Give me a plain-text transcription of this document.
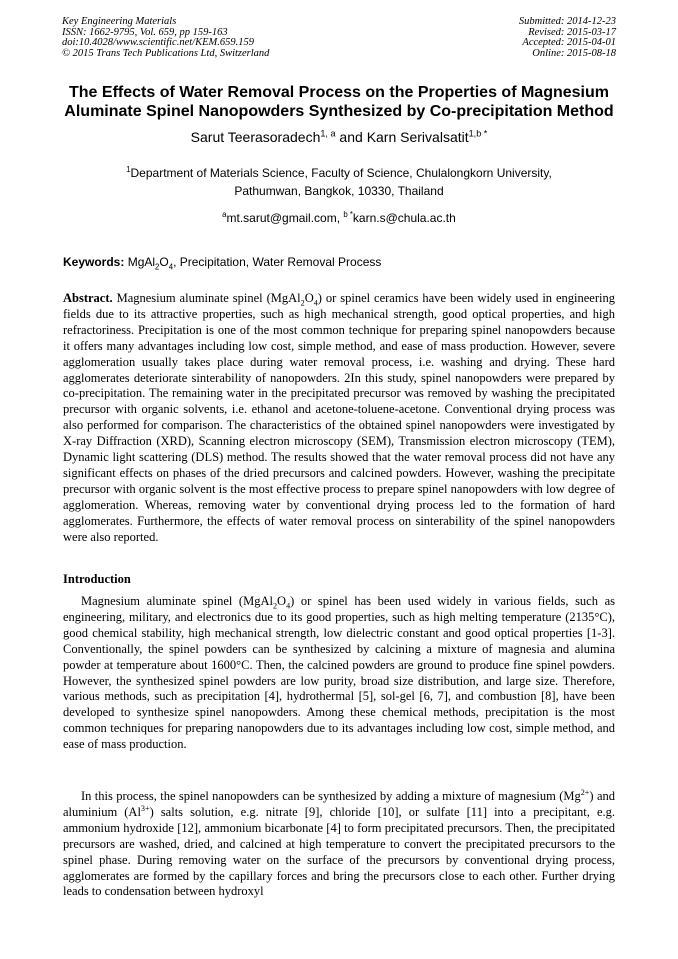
Key Engineering Materials
ISSN: 1662-9795, Vol. 659, pp 159-163
doi:10.4028/www.scientific.net/KEM.659.159
© 2015 Trans Tech Publications Ltd, Switzerland
Submitted: 2014-12-23
Revised: 2015-03-17
Accepted: 2015-04-01
Online: 2015-08-18
The Effects of Water Removal Process on the Properties of Magnesium Aluminate Spinel Nanopowders Synthesized by Co-precipitation Method
Sarut Teerasoradech$^{1, a}$ and Karn Serivalsatit$^{1,b *}$
$^1$Department of Materials Science, Faculty of Science, Chulalongkorn University,
Pathumwan, Bangkok, 10330, Thailand
$^a$mt.sarut@gmail.com, $^{b *}$karn.s@chula.ac.th
Keywords: $MgAl_2O_4$, Precipitation, Water Removal Process
Abstract. Magnesium aluminate spinel $(MgAl_2O_4)$ or spinel ceramics have been widely used in engineering fields due to its attractive properties, such as high mechanical strength, good optical properties, and high refractoriness. Precipitation is one of the most common technique for preparing spinel nanopowders because it offers many advantages including low cost, simple method, and ease of mass production. However, severe agglomeration usually takes place during water removal process, i.e. washing and drying. These hard agglomerates deteriorate sinterability of nanopowders. 2In this study, spinel nanopowders were prepared by co-precipitation. The remaining water in the precipitated precursor was removed by washing the precipitated precursor with organic solvents, i.e. ethanol and acetone-toluene-acetone. Conventional drying process was also performed for comparison. The characteristics of the obtained spinel nanopowders were investigated by X-ray Diffraction (XRD), Scanning electron microscopy (SEM), Transmission electron microscopy (TEM), Dynamic light scattering (DLS) method. The results showed that the water removal process did not have any significant effects on phases of the dried precursors and calcined powders. However, washing the precipitate precursor with organic solvent is the most effective process to prepare spinel nanopowders with low degree of agglomeration. Whereas, removing water by conventional drying process led to the formation of hard agglomerates. Furthermore, the effects of water removal process on sinterability of the spinel nanopowders were also reported.
Introduction
Magnesium aluminate spinel $(MgAl_2O_4)$ or spinel has been used widely in various fields, such as engineering, military, and electronics due to its good properties, such as high melting temperature (2135°C), good chemical stability, high mechanical strength, low dielectric constant and good optical properties [1-3]. Conventionally, the spinel powders can be synthesized by calcining a mixture of magnesia and alumina powder at temperature about 1600°C. Then, the calcined powders are ground to produce fine spinel powders. However, the synthesized spinel powders are low purity, broad size distribution, and large size. Therefore, various methods, such as precipitation [4], hydrothermal [5], sol-gel [6, 7], and combustion [8], have been developed to synthesize spinel nanopowders. Among these chemical methods, precipitation is the most common techniques for preparing nanopowders due to its advantages including low cost, simple method, and ease of mass production.
In this process, the spinel nanopowders can be synthesized by adding a mixture of magnesium $(Mg^{2+})$ and aluminium $(Al^{3+})$ salts solution, e.g. nitrate [9], chloride [10], or sulfate [11] into a precipitant, e.g. ammonium hydroxide [12], ammonium bicarbonate [4] to form precipitated precursors. Then, the precipitated precursors are washed, dried, and calcined at high temperature to convert the precipitated precursors to the spinel phase. During removing water on the surface of the precursors by conventional drying process, agglomerates are formed by the capillary forces and bring the precursors close to each other. Further drying leads to condensation between hydroxyl
